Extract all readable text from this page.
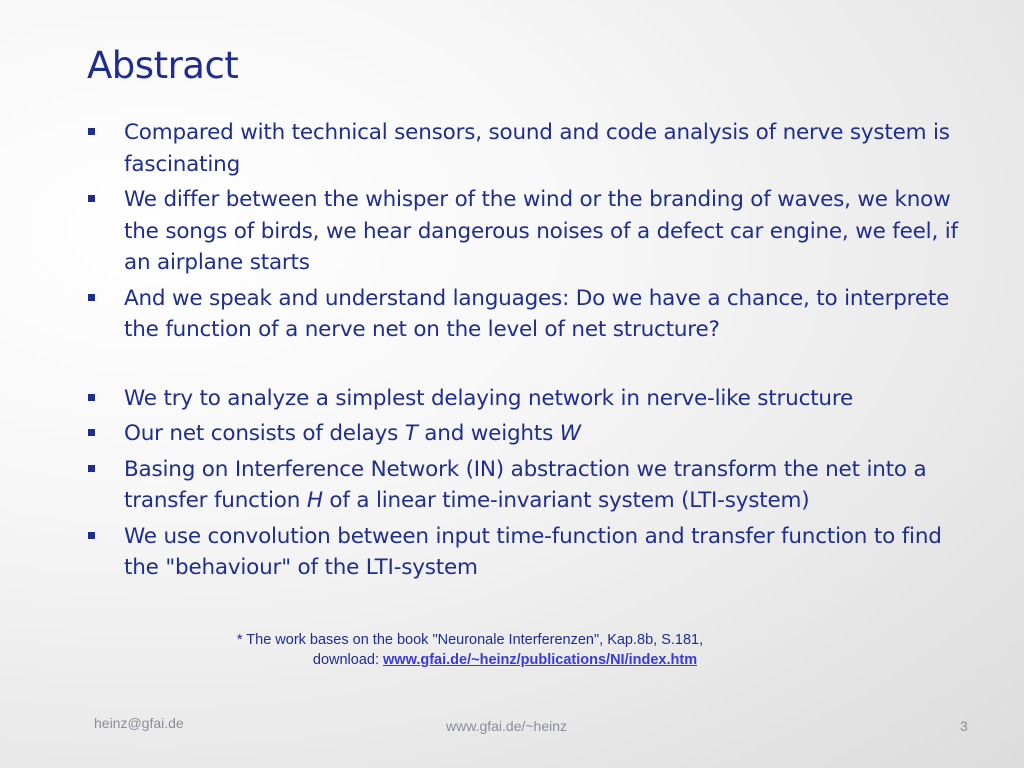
Abstract
Compared with technical sensors, sound and code analysis of nerve system is fascinating
We differ between the whisper of the wind or the branding of waves, we know the songs of birds, we hear dangerous noises of a defect car engine, we feel, if an airplane starts
And we speak and understand languages: Do we have a chance, to interprete the function of a nerve net on the level of net structure?
We try to analyze a simplest delaying network in nerve-like structure
Our net consists of delays T and weights W
Basing on Interference Network (IN) abstraction we transform the net into a transfer function H of a linear time-invariant system (LTI-system)
We use convolution between input time-function and transfer function to find the "behaviour" of the LTI-system
* The work bases on the book "Neuronale Interferenzen", Kap.8b, S.181,
download: www.gfai.de/~heinz/publications/NI/index.htm
heinz@gfai.de	www.gfai.de/~heinz	3
